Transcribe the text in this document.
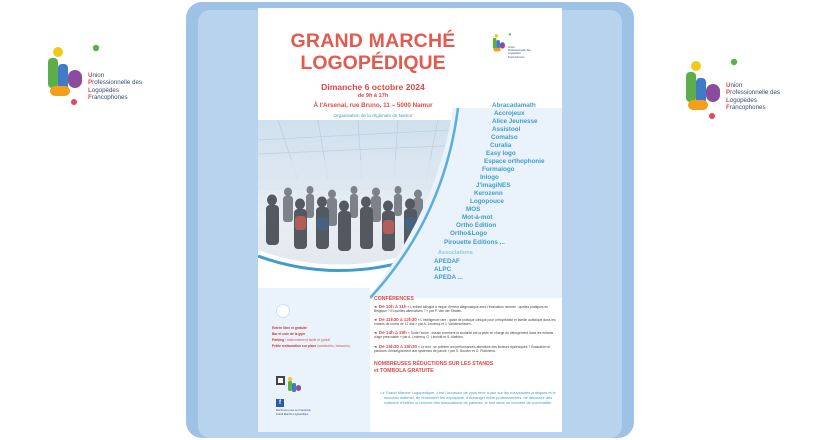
Union
Professionnelle des
Logopèdes
Francophones
Union
Professionnelle des
Logopèdes
Francophones
GRAND MARCHÉ
LOGOPÉDIQUE
Dimanche 6 octobre 2024
de 9h à 17h
À l'Arsenal, rue Bruno, 11 – 5000 Namur
Organisation de la régionale de Namur
Union
Professionnelle des
Logopèdes
Francophones
Abracadamath
Accrojeux
Alice Jeunesse
Assistool
Comalso
Curalia
Easy logo
Espace orthophonie
Formalogo
Inlogo
J'imagiNES
Kerozenn
Logopouce
MOS
Mot-à-mot
Ortho Edition
Ortho&Logo
Pirouette Editions ...
Associations
APEDAF
ALPC
APEDA ...
Entrée libre et gratuite
Bar et coin de la gym
Parking : stationnement facile et gratuit
Petite restauration sur place (sandwichs, boissons)
f
Retrouvez-nous sur Facebook
Grand Marché Logopédique
CONFÉRENCES
➔ De 10h à 11h « L'enfant bilingue à risque d'erreur diagnostique avec l'évaluation normée : quelles pratiques en Belgique ? Et quelles alternatives ? » par P. Van der Straten.
➔ De 11h30 à 12h30 « L'intelligence rare : guide de pratique clinique pour orthopédiste et famille autistique dans les enfants de moins de 12 ans » par A. Leclercq et J. Vandersmissen.
➔ De 14h à 15h « Toute l'école : essaie comment la scolarité est la piste en charge du débogement dans les enfants d'âge préscolaire » par A. Leclercq, G. Lécrivât et S. Mathieu.
➔ De 15h30 à 16h30 « Le test : se préférer les performances attentives des lecteurs dyslexiques ? Évaluation et parcours d'enseignement aux systèmes de parole » par S. Bouvier et O. Platoneva.
NOMBREUSES RÉDUCTIONS SUR LES STANDS
et TOMBOLA GRATUITE
Le Grand Marché Logopédique, c'est l'occasion de vous tenir à jour sur les nouveautés pratiques et le nouveau matériel, de rencontrer les exposants, d'échanger entre professionnels, de découvrir des maisons d'édition ou encore des associations de patients, le tout dans un moment de convivialité.
